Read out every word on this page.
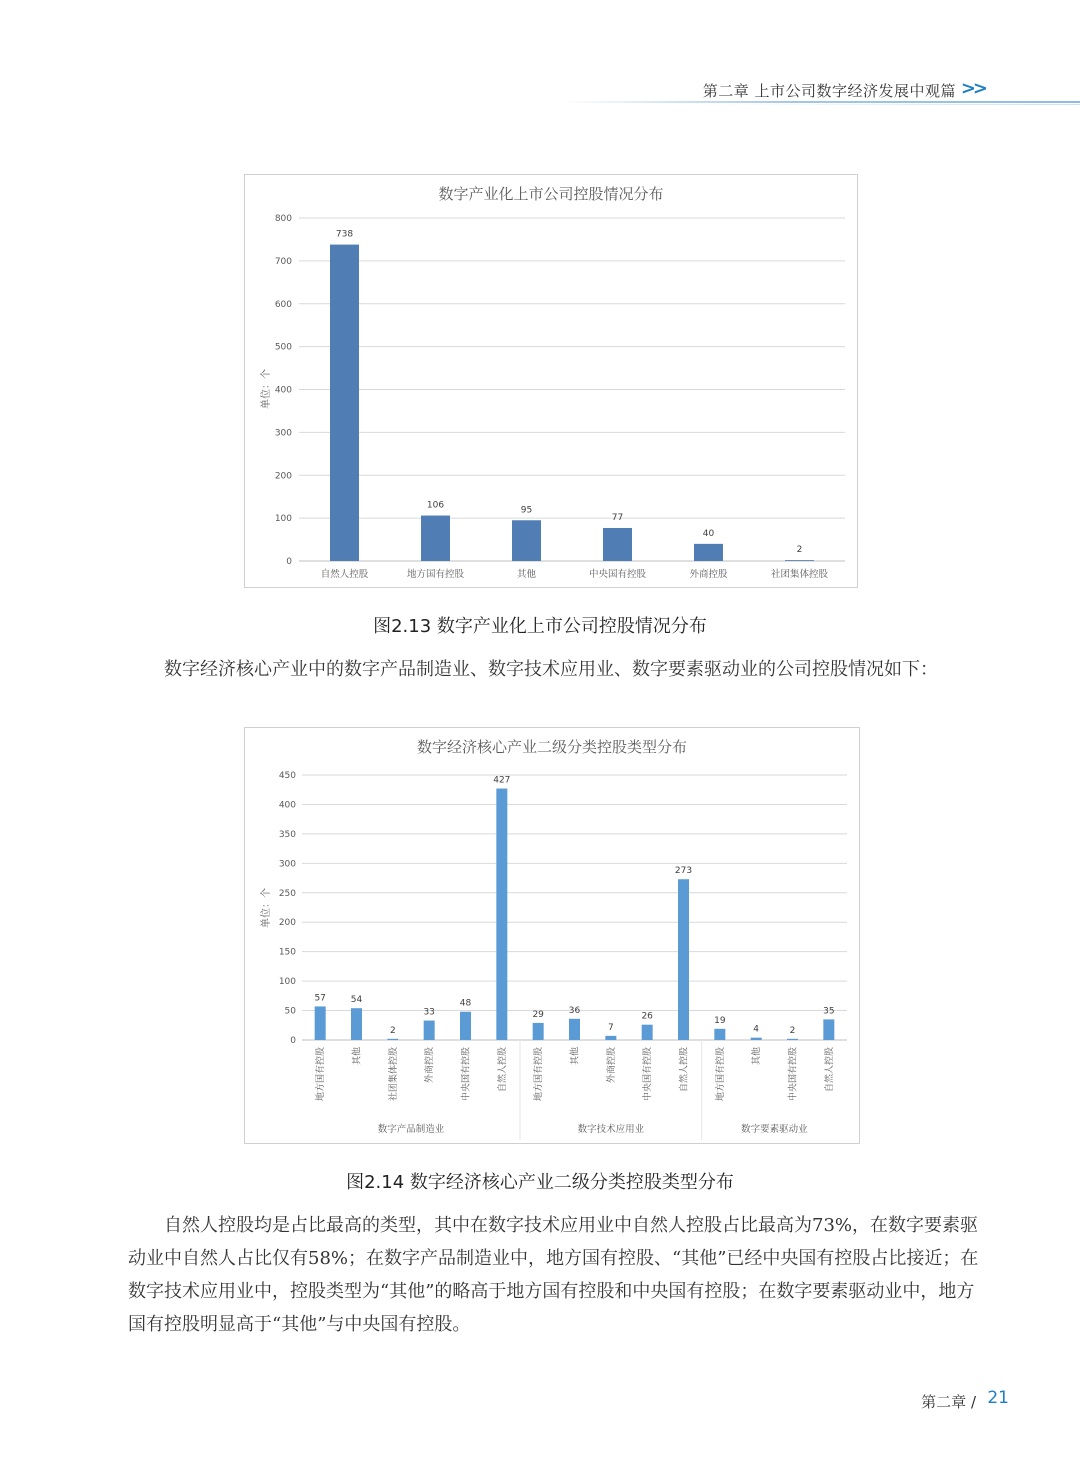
第二章 上市公司数字经济发展中观篇 >>
数字产业化上市公司控股情况分布
单位：个
0
100
200
300
400
500
600
700
800
738
自然人控股
106
地方国有控股
95
其他
77
中央国有控股
40
外商控股
2
社团集体控股
图2.13 数字产业化上市公司控股情况分布

数字经济核心产业中的数字产品制造业、数字技术应用业、数字要素驱动业的公司控股情况如下：

数字经济核心产业二级分类控股类型分布
单位：个
0
50
100
150
200
250
300
350
400
450
57
地方国有控股
54
其他
2
社团集体控股
33
外商控股
48
中央国有控股
427
自然人控股
数字产品制造业
29
地方国有控股
36
其他
7
外商控股
26
中央国有控股
273
自然人控股
数字技术应用业
19
地方国有控股
4
其他
2
中央国有控股
35
自然人控股
数字要素驱动业
图2.14 数字经济核心产业二级分类控股类型分布

自然人控股均是占比最高的类型，其中在数字技术应用业中自然人控股占比最高为73%，在数字要素驱动业中自然人占比仅有58%；在数字产品制造业中，地方国有控股、“其他”已经中央国有控股占比接近；在数字技术应用业中，控股类型为“其他”的略高于地方国有控股和中央国有控股；在数字要素驱动业中，地方国有控股明显高于“其他”与中央国有控股。

第二章 / 21
